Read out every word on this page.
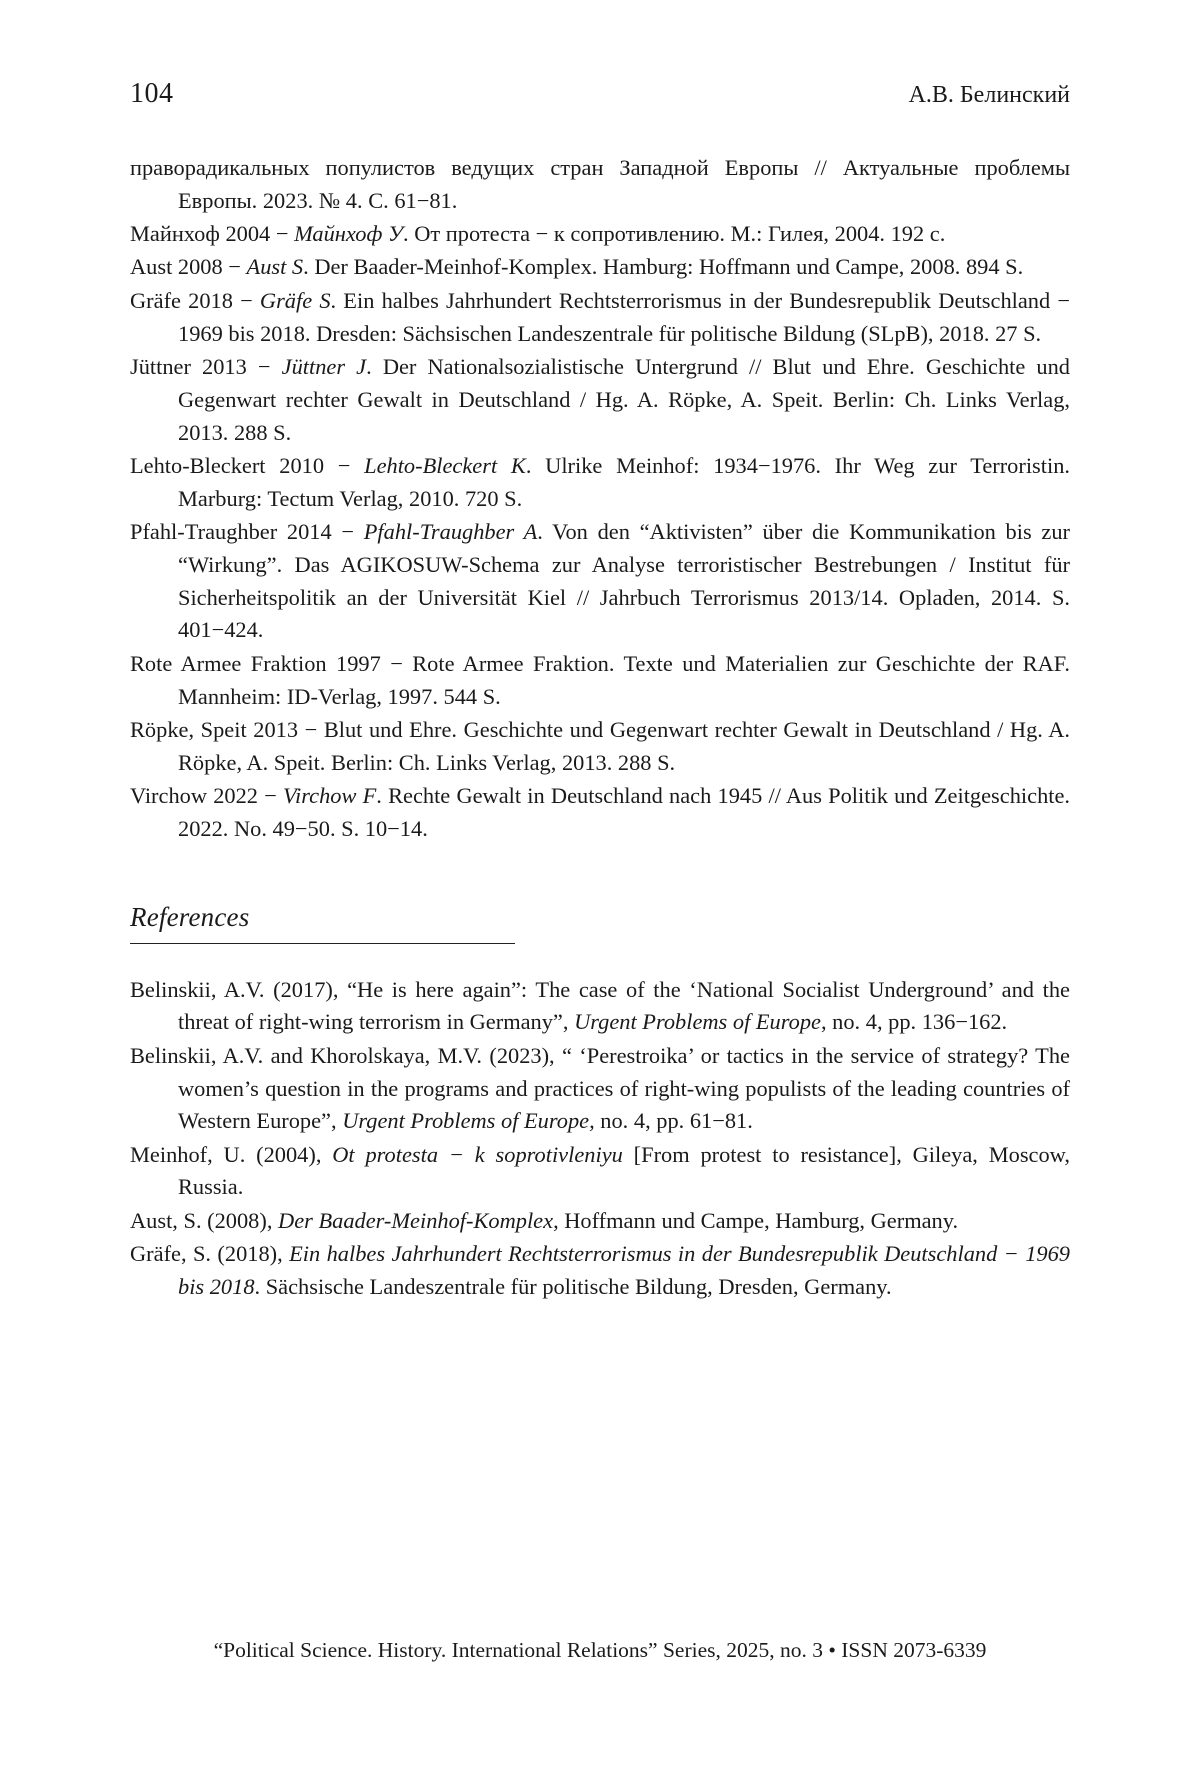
104	А.В. Белинский
праворадикальных популистов ведущих стран Западной Европы // Актуальные проблемы Европы. 2023. № 4. С. 61−81.
Майнхоф 2004 − Майнхоф У. От протеста − к сопротивлению. М.: Гилея, 2004. 192 с.
Aust 2008 − Aust S. Der Baader-Meinhof-Komplex. Hamburg: Hoffmann und Campe, 2008. 894 S.
Gräfe 2018 − Gräfe S. Ein halbes Jahrhundert Rechtsterrorismus in der Bundesrepublik Deutschland − 1969 bis 2018. Dresden: Sächsischen Landeszentrale für politische Bildung (SLpB), 2018. 27 S.
Jüttner 2013 − Jüttner J. Der Nationalsozialistische Untergrund // Blut und Ehre. Geschichte und Gegenwart rechter Gewalt in Deutschland / Hg. A. Röpke, A. Speit. Berlin: Ch. Links Verlag, 2013. 288 S.
Lehto-Bleckert 2010 − Lehto-Bleckert K. Ulrike Meinhof: 1934−1976. Ihr Weg zur Terroristin. Marburg: Tectum Verlag, 2010. 720 S.
Pfahl-Traughber 2014 − Pfahl-Traughber A. Von den “Aktivisten” über die Kommunikation bis zur “Wirkung”. Das AGIKOSUW-Schema zur Analyse terroristischer Bestrebungen / Institut für Sicherheitspolitik an der Universität Kiel // Jahrbuch Terrorismus 2013/14. Opladen, 2014. S. 401−424.
Rote Armee Fraktion 1997 − Rote Armee Fraktion. Texte und Materialien zur Geschichte der RAF. Mannheim: ID-Verlag, 1997. 544 S.
Röpke, Speit 2013 − Blut und Ehre. Geschichte und Gegenwart rechter Gewalt in Deutschland / Hg. A. Röpke, A. Speit. Berlin: Ch. Links Verlag, 2013. 288 S.
Virchow 2022 − Virchow F. Rechte Gewalt in Deutschland nach 1945 // Aus Politik und Zeitgeschichte. 2022. No. 49−50. S. 10−14.
References
Belinskii, A.V. (2017), “He is here again”: The case of the ‘National Socialist Underground’ and the threat of right-wing terrorism in Germany”, Urgent Problems of Europe, no. 4, pp. 136−162.
Belinskii, A.V. and Khorolskaya, M.V. (2023), “ ‘Perestroika’ or tactics in the service of strategy? The women’s question in the programs and practices of right-wing populists of the leading countries of Western Europe”, Urgent Problems of Europe, no. 4, pp. 61−81.
Meinhof, U. (2004), Ot protesta − k soprotivleniyu [From protest to resistance], Gileya, Moscow, Russia.
Aust, S. (2008), Der Baader-Meinhof-Komplex, Hoffmann und Campe, Hamburg, Germany.
Gräfe, S. (2018), Ein halbes Jahrhundert Rechtsterrorismus in der Bundesrepublik Deutschland − 1969 bis 2018. Sächsische Landeszentrale für politische Bildung, Dresden, Germany.
“Political Science. History. International Relations” Series, 2025, no. 3 • ISSN 2073-6339
